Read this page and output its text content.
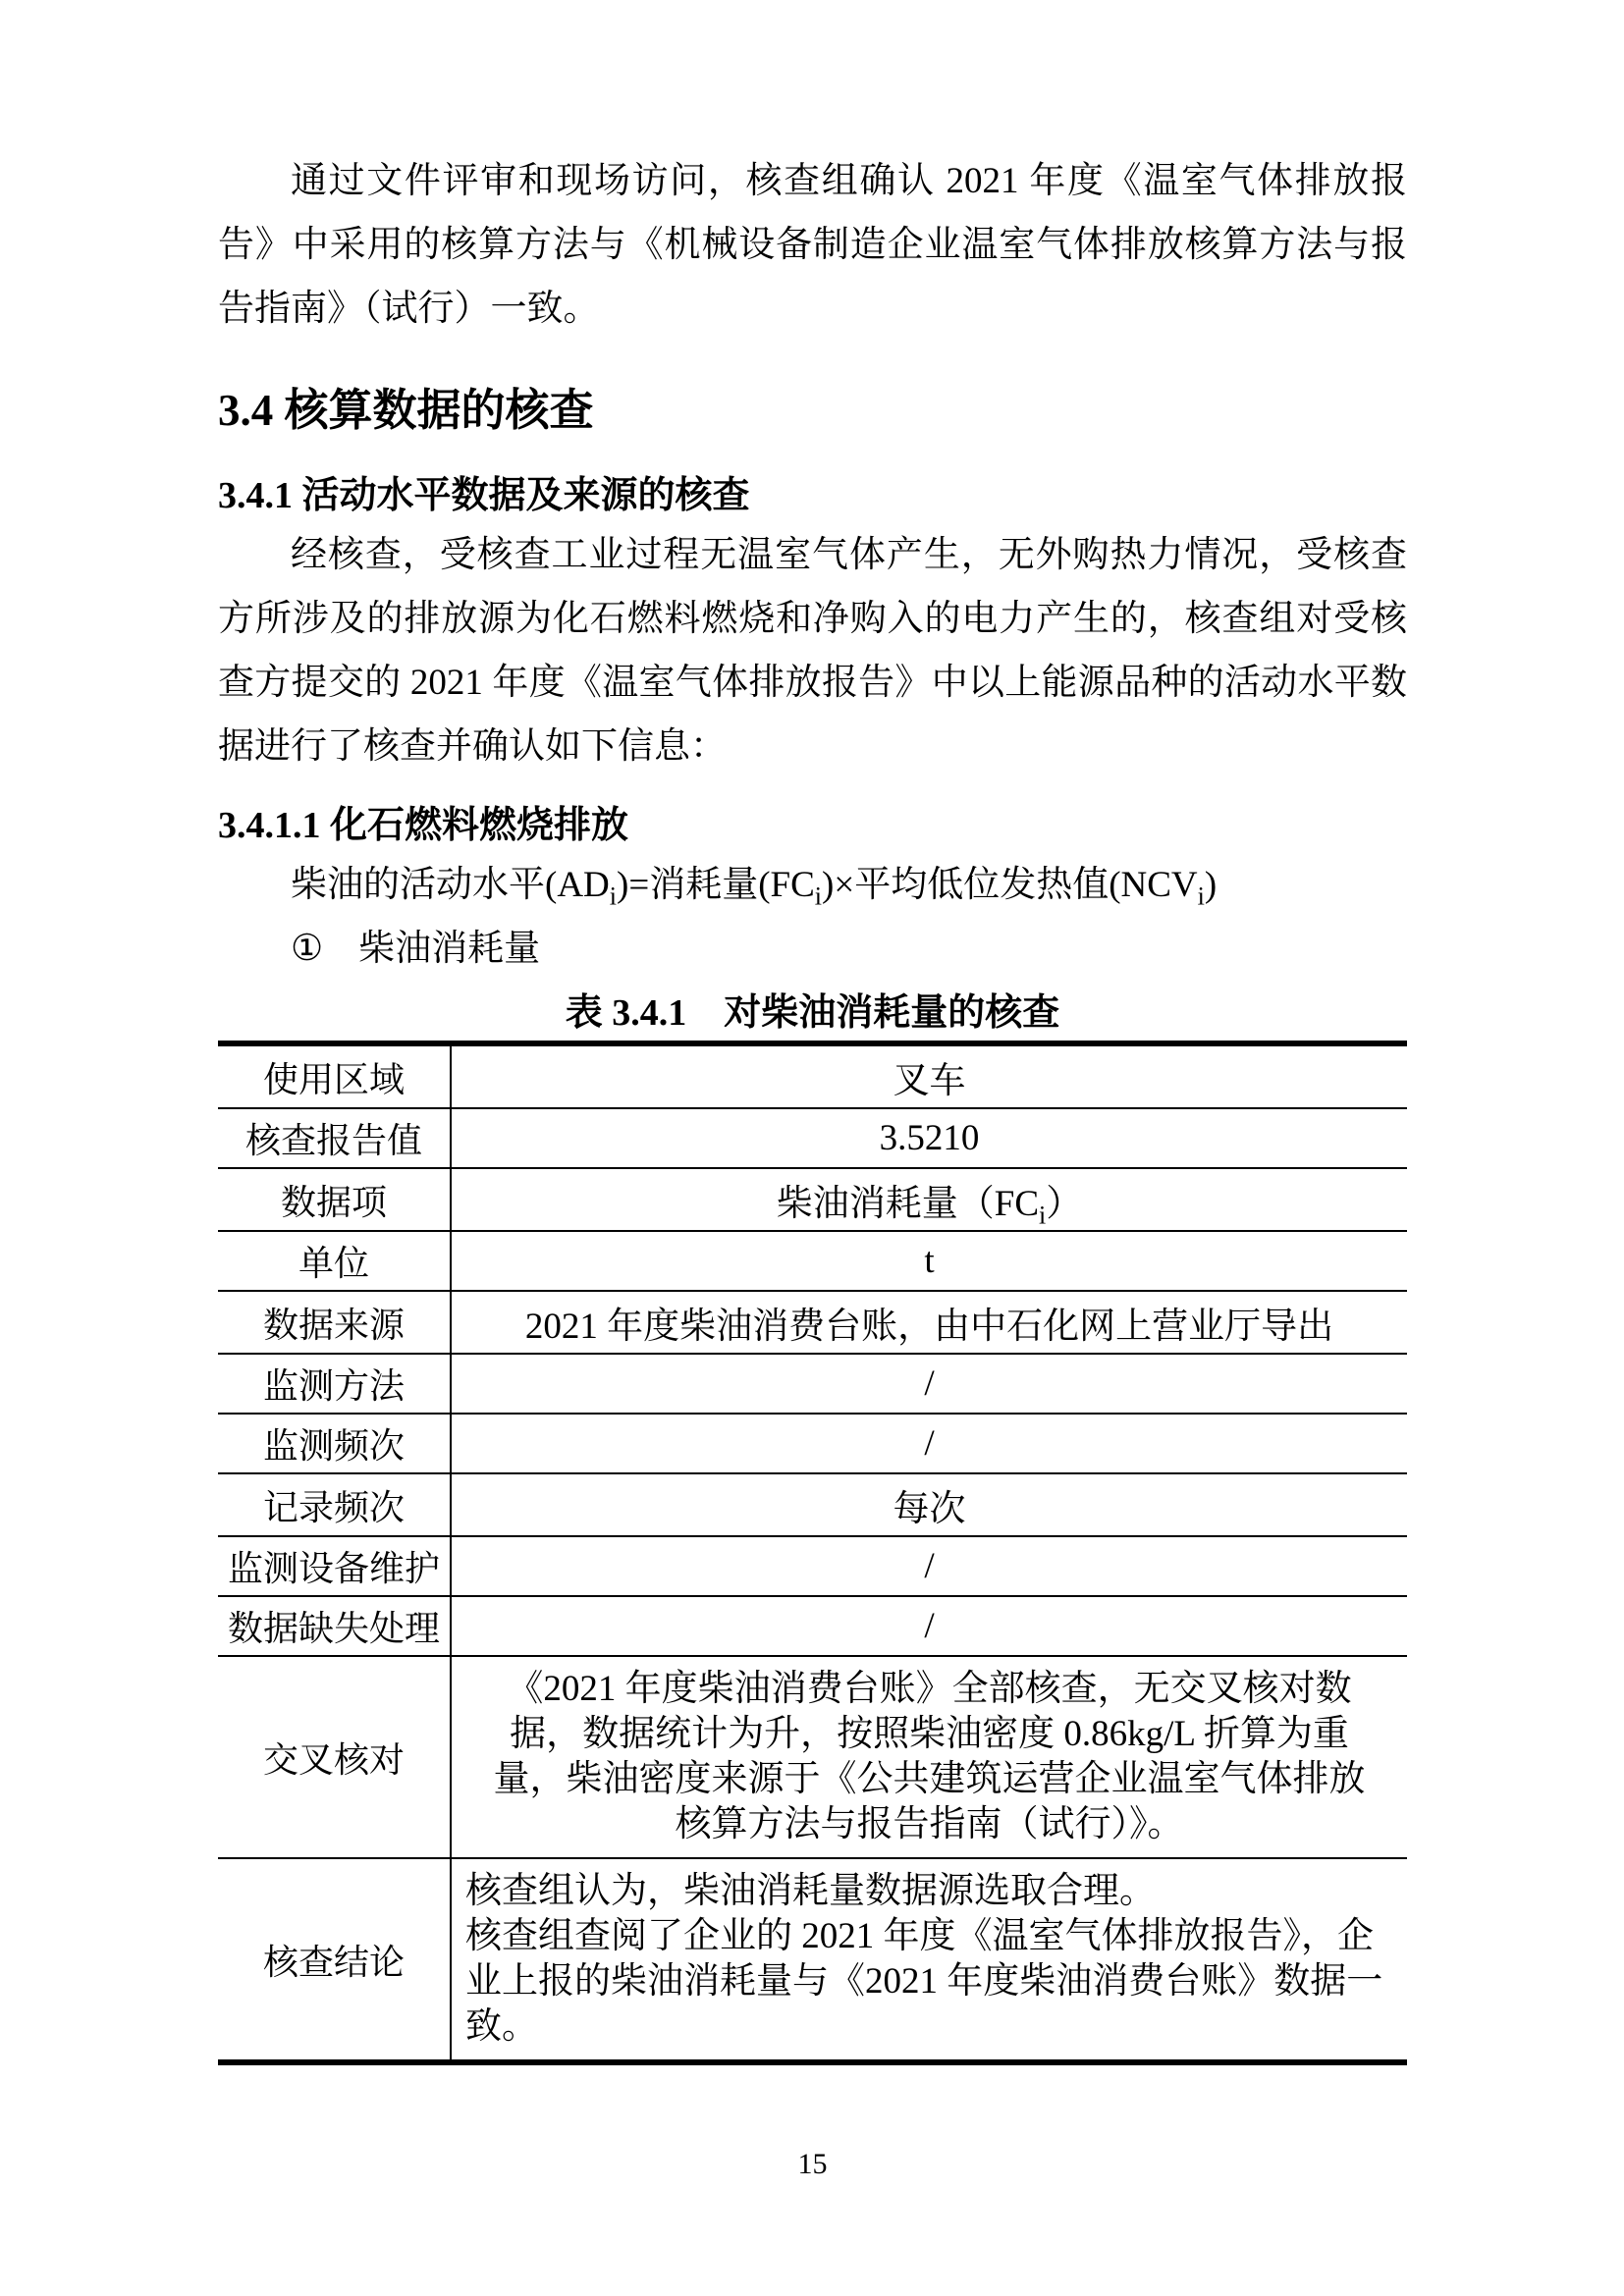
通过文件评审和现场访问，核查组确认 2021 年度《温室气体排放报告》中采用的核算方法与《机械设备制造企业温室气体排放核算方法与报告指南》（试行）一致。

3.4 核算数据的核查
3.4.1 活动水平数据及来源的核查

经核查，受核查工业过程无温室气体产生，无外购热力情况，受核查方所涉及的排放源为化石燃料燃烧和净购入的电力产生的，核查组对受核查方提交的 2021 年度《温室气体排放报告》中以上能源品种的活动水平数据进行了核查并确认如下信息：

3.4.1.1 化石燃料燃烧排放

柴油的活动水平$(AD_i)=$消耗量$(FC_i)\times$平均低位发热值$(NCV_i)$

① 柴油消耗量

表 3.4.1　对柴油消耗量的核查

使用区域	叉车
核查报告值	3.5210
数据项	柴油消耗量$(FC_i)$
单位	t
数据来源	2021 年度柴油消费台账，由中石化网上营业厅导出
监测方法	/
监测频次	/
记录频次	每次
监测设备维护	/
数据缺失处理	/
交叉核对	《2021 年度柴油消费台账》全部核查，无交叉核对数据，数据统计为升，按照柴油密度 0.86kg/L 折算为重量，柴油密度来源于《公共建筑运营企业温室气体排放核算方法与报告指南（试行）》。
核查结论	核查组认为，柴油消耗量数据源选取合理。
核查组查阅了企业的 2021 年度《温室气体排放报告》，企业上报的柴油消耗量与《2021 年度柴油消费台账》数据一致。
15
